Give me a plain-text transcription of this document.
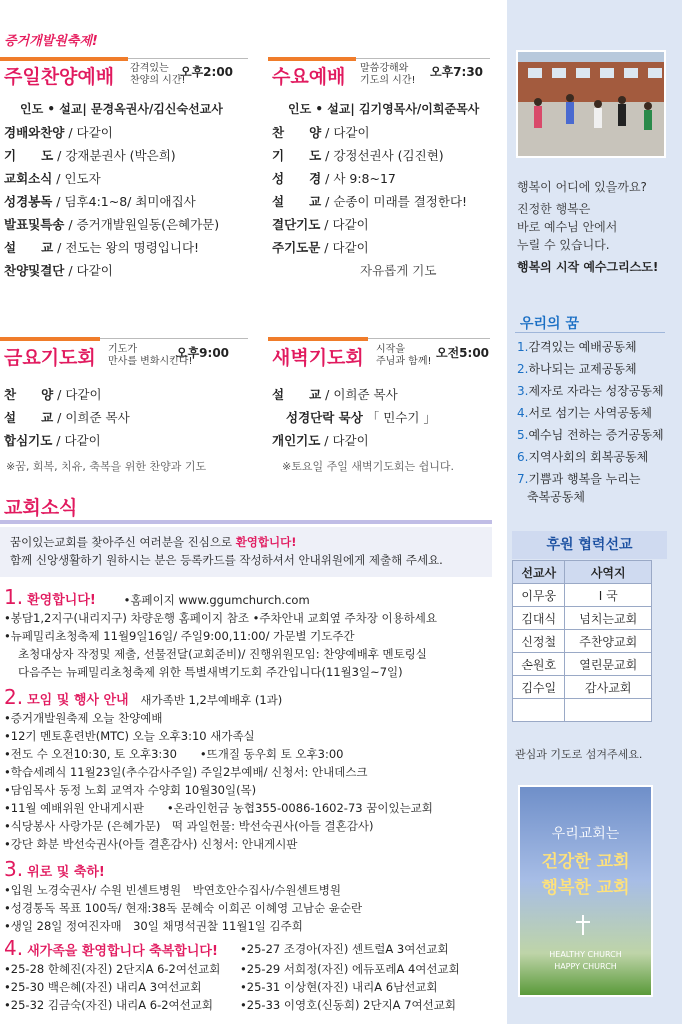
증거개발원축제!
주일찬양예배 감격있는
찬양의 시간!
오후2:00
인도 • 설교| 문경옥권사/김신숙선교사
경배와찬양 / 다같이
기　　도 / 강재분권사 (박은희)
교회소식 / 인도자
성경봉독 / 딤후4:1~8/ 최미애집사
발표및특송 / 증거개발원일동(은혜가문)
설　　교 / 전도는 왕의 명령입니다!
찬양및결단 / 다같이
수요예배 말씀강해와
기도의 시간!
오후7:30
인도 • 설교| 김기영목사/이희준목사
찬　　양 / 다같이
기　　도 / 강정선권사 (김진현)
성　　경 / 사 9:8~17
설　　교 / 순종이 미래를 결정한다!
결단기도 / 다같이
주기도문 / 다같이
자유롭게 기도
금요기도회 기도가
만사를 변화시킨다!
오후9:00
찬　　양 / 다같이
설　　교 / 이희준 목사
합심기도 / 다같이
※꿈, 회복, 치유, 축복을 위한 찬양과 기도
새벽기도회 시작을
주님과 함께!
오전5:00
설　　교 / 이희준 목사
성경단락 묵상 「 민수기 」
개인기도 / 다같이
※토요일 주일 새벽기도회는 쉽니다.
교회소식
꿈이있는교회를 찾아주신 여러분을 진심으로 환영합니다!
함께 신앙생활하기 원하시는 분은 등록카드를 작성하셔서 안내위원에게 제출해 주세요.
1. 환영합니다! •홈페이지 www.ggumchurch.com
•봉담1,2지구(내리지구) 차량운행 홈페이지 참조 •주차안내 교회옆 주차장 이용하세요
•뉴페밀리초청축제 11월9일16일/ 주일9:00,11:00/ 가문별 기도주간
초청대상자 작정및 제출, 선물전달(교회준비)/ 진행위원모임: 찬양예배후 멘토링실
다음주는 뉴페밀리초청축제 위한 특별새벽기도회 주간입니다(11월3일~7일)
2. 모임 및 행사 안내 새가족반 1,2부예배후 (1과)
•증거개발원축제 오늘 찬양예배
•12기 멘토훈련반(MTC) 오늘 오후3:10 새가족실
•전도 수 오전10:30, 토 오후3:30　　•뜨개질 동우회 토 오후3:00
•학습세례식 11월23일(추수감사주일) 주일2부예배/ 신청서: 안내데스크
•담임목사 동정 노회 교역자 수양회 10월30일(목)
•11월 예배위원 안내게시판　　•온라인헌금 농협355-0086-1602-73 꿈이있는교회
•식당봉사 사랑가문 (은혜가문)　떡 과일헌물: 박선숙권사(아들 결혼감사)
•강단 화분 박선숙권사(아들 결혼감사) 신청서: 안내게시판
3. 위로 및 축하!
•입원 노경숙권사/ 수원 빈센트병원　박연호안수집사/수원센트병원
•성경통독 목표 100독/ 현재:38독 문혜숙 이희곤 이혜영 고남순 윤순란
•생일 28일 정여진자매　30일 채명석권찰 11월1일 김주희
4. 새가족을 환영합니다 축복합니다! •25-27 조경아(자진) 센트럴A 3여선교회
•25-28 한혜진(자진) 2단지A 6-2여선교회 •25-29 서희정(자진) 에듀포레A 4여선교회
•25-30 백은혜(자진) 내리A 3여선교회	•25-31 이상현(자진) 내리A 6남선교회
•25-32 김금숙(자진) 내리A 6-2여선교회 •25-33 이영호(신동희) 2단지A 7여선교회
행복이 어디에 있을까요?
진정한 행복은
바로 예수님 안에서
누릴 수 있습니다.
행복의 시작 예수그리스도!
우리의 꿈
1.감격있는 예배공동체
2.하나되는 교제공동체
3.제자로 자라는 성장공동체
4.서로 섬기는 사역공동체
5.예수님 전하는 증거공동체
6.지역사회의 회복공동체
7.기쁨과 행복을 누리는
축복공동체
후원 협력선교
선교사	사역지
이무웅	I 국
김대식	넘치는교회
신정철	주찬양교회
손원호	열린문교회
김수일	감사교회

관심과 기도로 섬겨주세요.
우리교회는
건강한 교회
행복한 교회
HEALTHY CHURCH
HAPPY CHURCH
